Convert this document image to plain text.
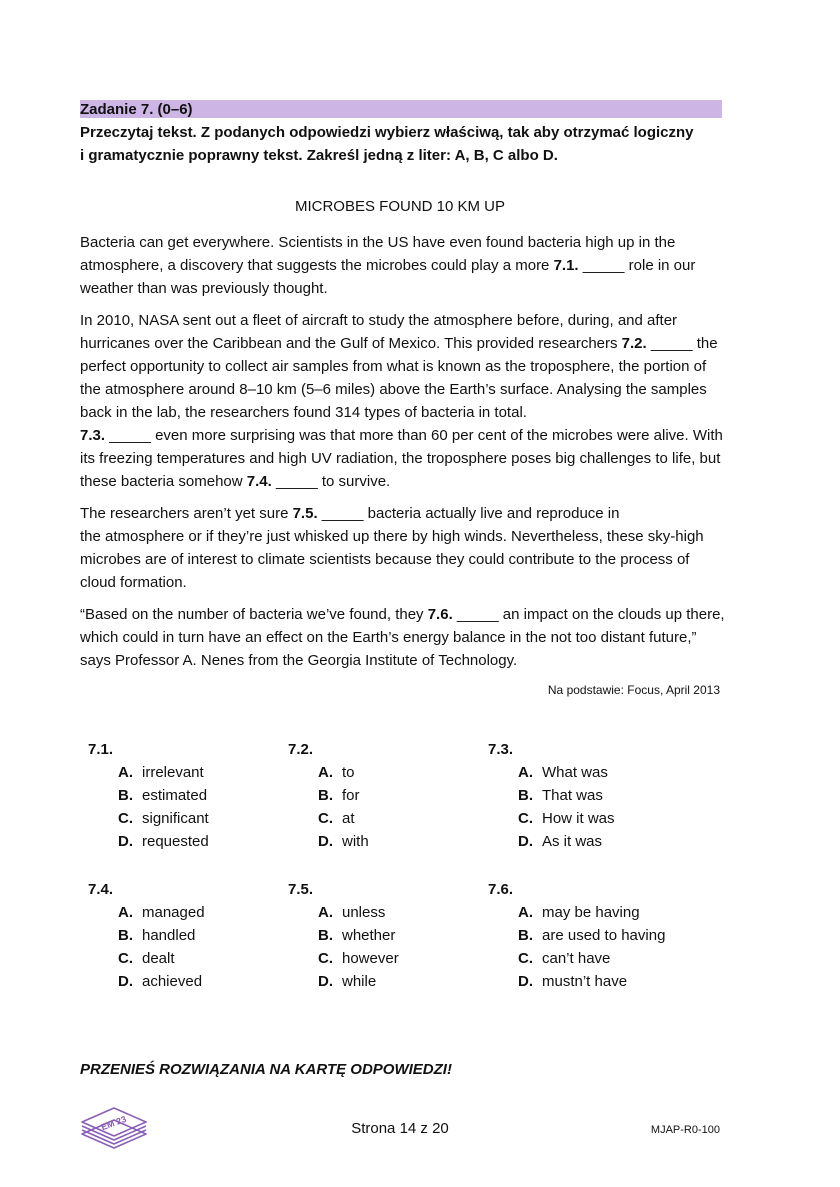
Zadanie 7. (0–6)
Przeczytaj tekst. Z podanych odpowiedzi wybierz właściwą, tak aby otrzymać logiczny
i gramatycznie poprawny tekst. Zakreśl jedną z liter: A, B, C albo D.
MICROBES FOUND 10 KM UP

Bacteria can get everywhere. Scientists in the US have even found bacteria high up in the atmosphere, a discovery that suggests the microbes could play a more 7.1. _____ role in our weather than was previously thought.

In 2010, NASA sent out a fleet of aircraft to study the atmosphere before, during, and after hurricanes over the Caribbean and the Gulf of Mexico. This provided researchers 7.2. _____ the perfect opportunity to collect air samples from what is known as the troposphere, the portion of the atmosphere around 8–10 km (5–6 miles) above the Earth’s surface. Analysing the samples back in the lab, the researchers found 314 types of bacteria in total.
7.3. _____ even more surprising was that more than 60 per cent of the microbes were alive. With its freezing temperatures and high UV radiation, the troposphere poses big challenges to life, but these bacteria somehow 7.4. _____ to survive.

The researchers aren’t yet sure 7.5. _____ bacteria actually live and reproduce in
the atmosphere or if they’re just whisked up there by high winds. Nevertheless, these sky-high microbes are of interest to climate scientists because they could contribute to the process of cloud formation.

“Based on the number of bacteria we’ve found, they 7.6. _____ an impact on the clouds up there, which could in turn have an effect on the Earth’s energy balance in the not too distant future,” says Professor A. Nenes from the Georgia Institute of Technology.

Na podstawie: Focus, April 2013
7.1.
A. irrelevant
B. estimated
C. significant
D. requested
7.2.
A. to
B. for
C. at
D. with
7.3.
A. What was
B. That was
C. How it was
D. As it was
7.4.
A. managed
B. handled
C. dealt
D. achieved
7.5.
A. unless
B. whether
C. however
D. while
7.6.
A. may be having
B. are used to having
C. can’t have
D. mustn’t have
PRZENIEŚ ROZWIĄZANIA NA KARTĘ ODPOWIEDZI!
EM 23	Strona 14 z 20	MJAP-R0-100
